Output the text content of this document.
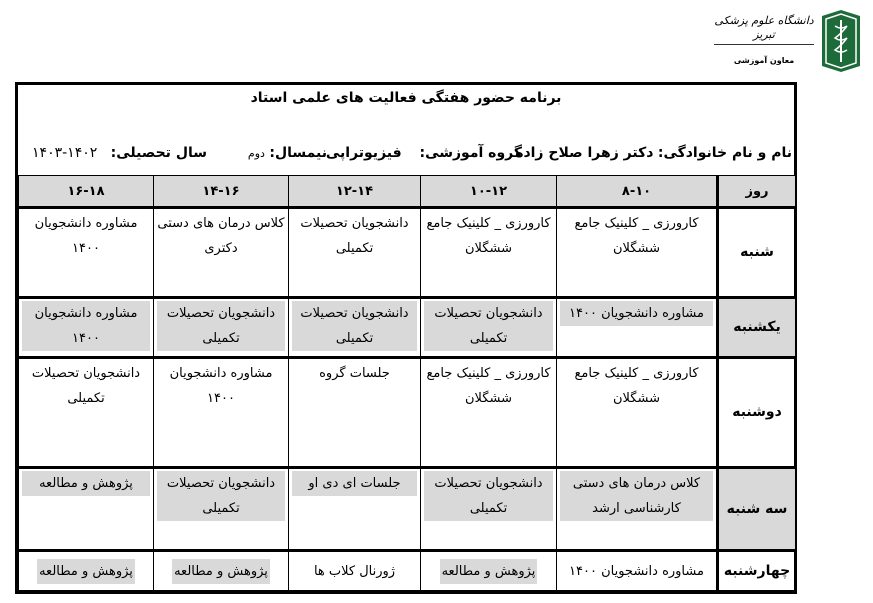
دانشگاه علوم پزشکی تبریز
معاون آموزشی
برنامه حضور هفتگی فعالیت های علمی استاد
نام و نام خانوادگی: دکتر زهرا صلاح زاده
گروه آموزشی:    فیزیوتراپی
نیمسال: دوم
سال تحصیلی:   ۱۴۰۲-۱۴۰۳
روز	۸-۱۰	۱۰-۱۲	۱۲-۱۴	۱۴-۱۶	۱۶-۱۸
شنبه	کارورزی _ کلینیک جامع ششگلان	کارورزی _ کلینیک جامع ششگلان	دانشجویان تحصیلات تکمیلی	کلاس درمان های دستی دکتری	مشاوره دانشجویان ۱۴۰۰

یکشنبه	مشاوره دانشجویان ۱۴۰۰	دانشجویان تحصیلات تکمیلی	دانشجویان تحصیلات تکمیلی	دانشجویان تحصیلات تکمیلی	مشاوره دانشجویان ۱۴۰۰

دوشنبه	کارورزی _ کلینیک جامع ششگلان	کارورزی _ کلینیک جامع ششگلان	جلسات گروه	مشاوره دانشجویان ۱۴۰۰	دانشجویان تحصیلات تکمیلی

سه شنبه	کلاس درمان های دستی کارشناسی ارشد	دانشجویان تحصیلات تکمیلی	جلسات ای دی او	دانشجویان تحصیلات تکمیلی	پژوهش و مطالعه

چهارشنبه	مشاوره دانشجویان ۱۴۰۰	پژوهش و مطالعه	ژورنال کلاب ها	پژوهش و مطالعه	پژوهش و مطالعه
